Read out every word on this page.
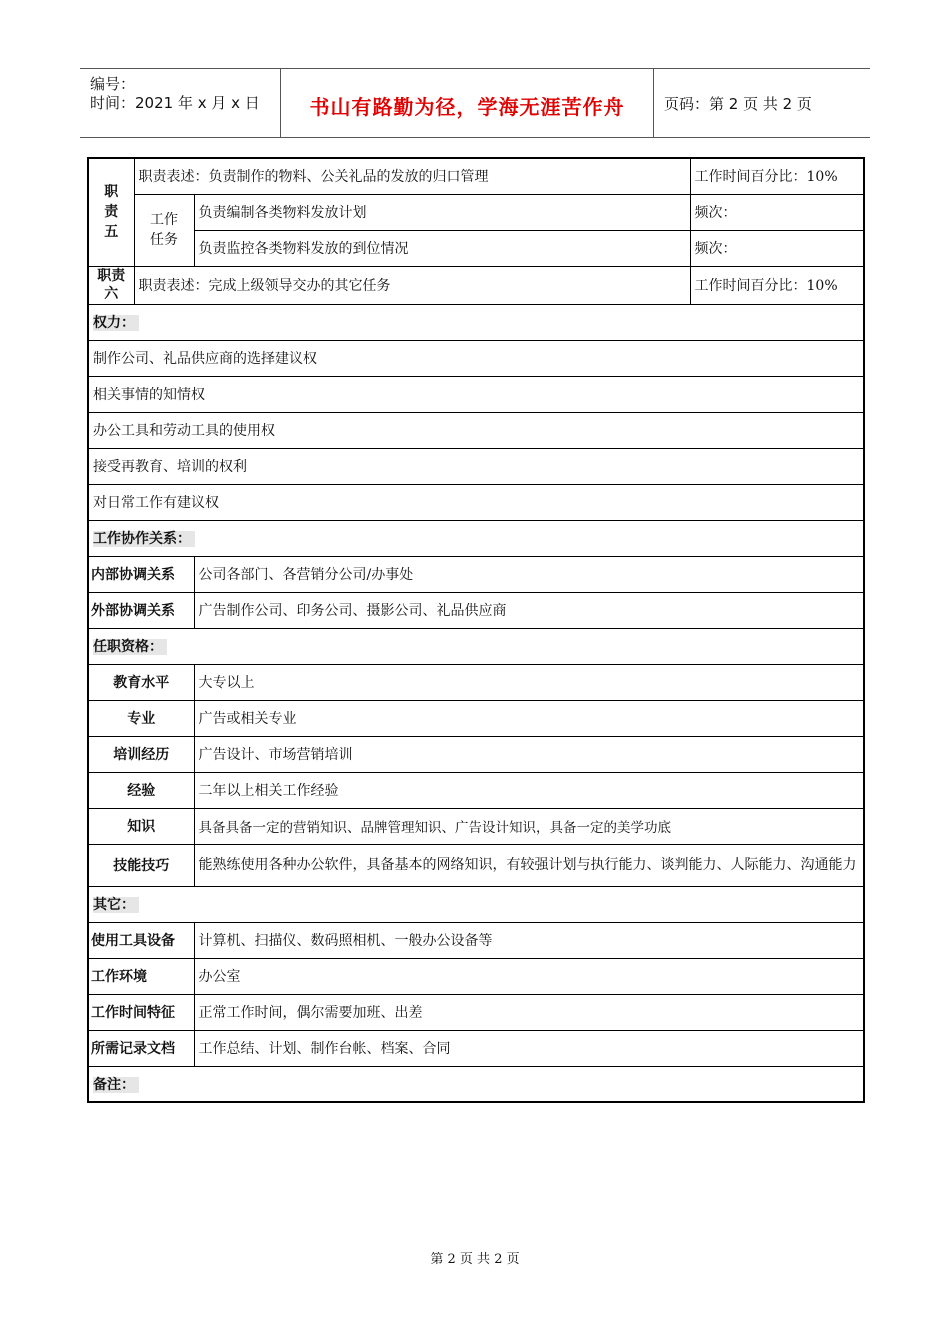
编号：
时间：2021 年 x 月 x 日	书山有路勤为径，学海无涯苦作舟	页码：第 2 页 共 2 页
职责五	职责表述：负责制作的物料、公关礼品的发放的归口管理		工作时间百分比：10%
	工作任务	负责编制各类物料发放计划	频次：
		负责监控各类物料发放的到位情况	频次：
职责六	职责表述：完成上级领导交办的其它任务		工作时间百分比：10%
权力：			
制作公司、礼品供应商的选择建议权			
相关事情的知情权			
办公工具和劳动工具的使用权			
接受再教育、培训的权利			
对日常工作有建议权			
工作协作关系：			
内部协调关系		公司各部门、各营销分公司/办事处	
外部协调关系		广告制作公司、印务公司、摄影公司、礼品供应商	
任职资格：			
教育水平		大专以上	
专业		广告或相关专业	
培训经历		广告设计、市场营销培训	
经验		二年以上相关工作经验	
知识		具备具备一定的营销知识、品牌管理知识、广告设计知识，具备一定的美学功底	
技能技巧		能熟练使用各种办公软件，具备基本的网络知识，有较强计划与执行能力、谈判能力、人际能力、沟通能力	
其它：			
使用工具设备		计算机、扫描仪、数码照相机、一般办公设备等	
工作环境		办公室	
工作时间特征		正常工作时间，偶尔需要加班、出差	
所需记录文档		工作总结、计划、制作台帐、档案、合同	
备注：			
第 2 页 共 2 页
